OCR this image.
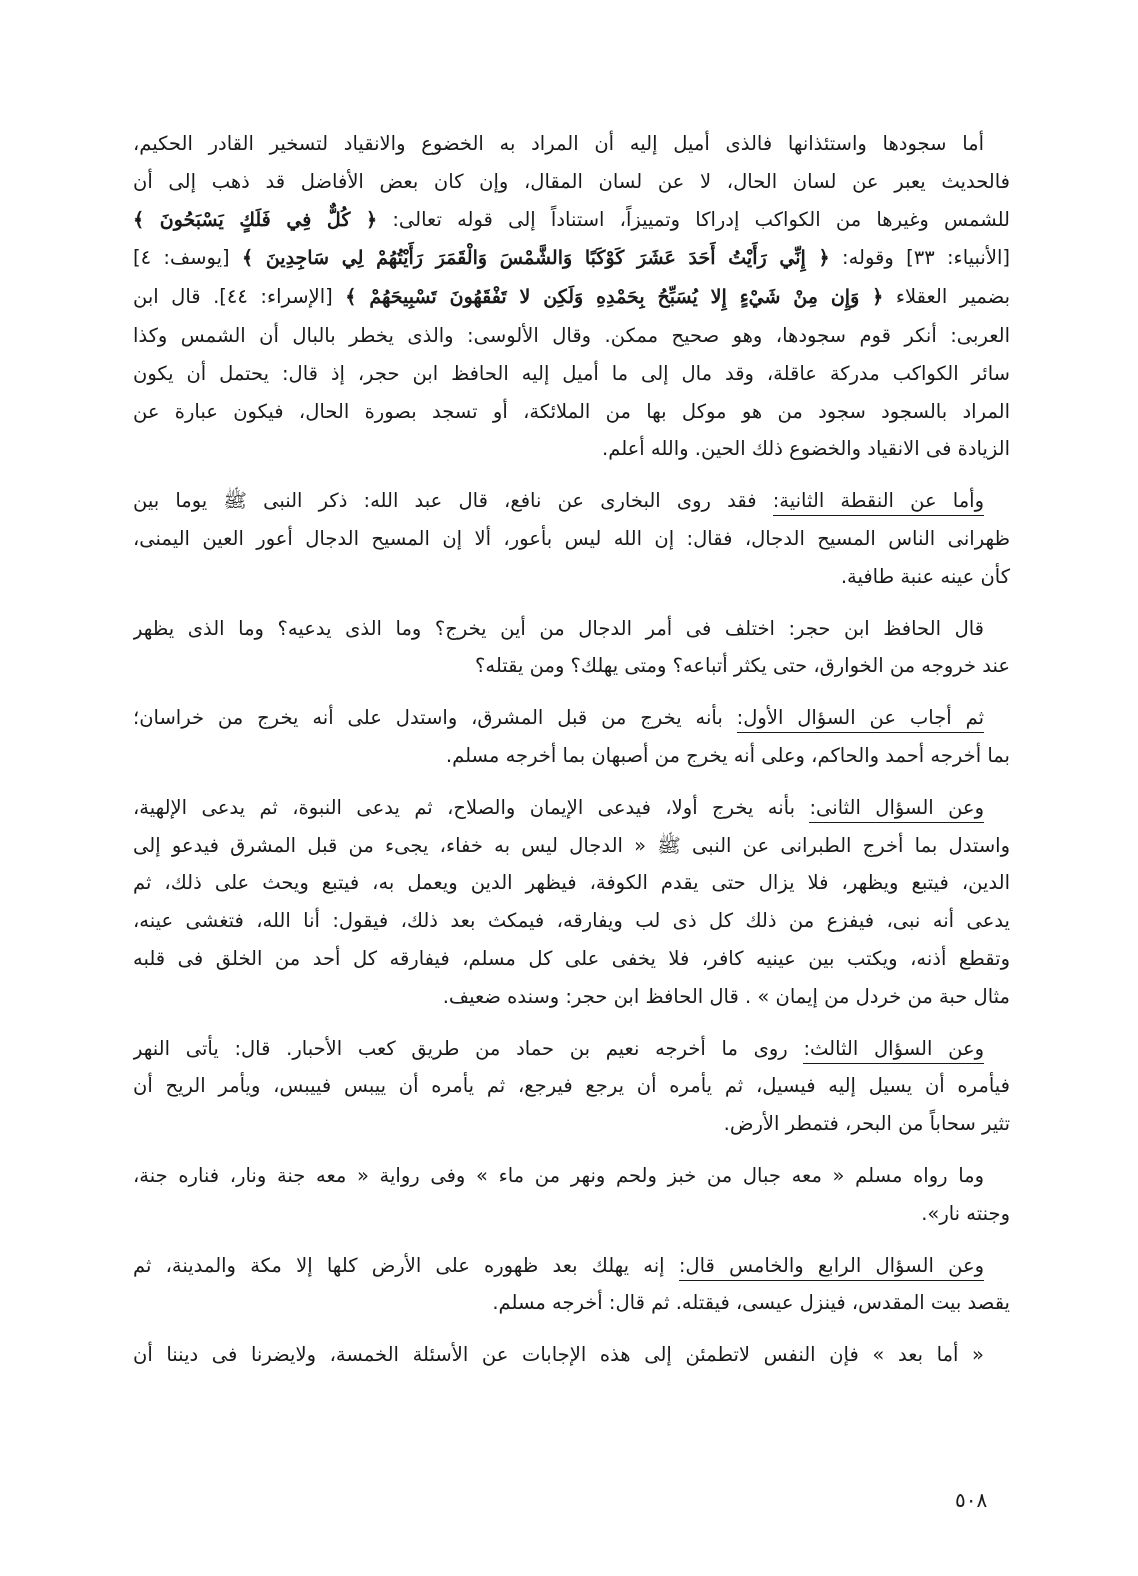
أما سجودها واستئذانها فالذى أميل إليه أن المراد به الخضوع والانقياد لتسخير القادر الحكيم،
فالحديث يعبر عن لسان الحال، لا عن لسان المقال، وإن كان بعض الأفاضل قد ذهب إلى أن
للشمس وغيرها من الكواكب إدراكا وتمييزاً، استناداً إلى قوله تعالى: ﴿ كُلٌّ فِي فَلَكٍ يَسْبَحُونَ ﴾
[الأنبياء: ٣٣] وقوله: ﴿ إِنِّي رَأَيْتُ أَحَدَ عَشَرَ كَوْكَبًا وَالشَّمْسَ وَالْقَمَرَ رَأَيْتُهُمْ لِي سَاجِدِينَ ﴾ [يوسف: ٤]
بضمير العقلاء ﴿ وَإِن مِنْ شَيْءٍ إِلا يُسَبِّحُ بِحَمْدِهِ وَلَكِن لا تَفْقَهُونَ تَسْبِيحَهُمْ ﴾ [الإسراء: ٤٤]. قال ابن
العربى: أنكر قوم سجودها، وهو صحيح ممكن. وقال الألوسى: والذى يخطر بالبال أن الشمس وكذا
سائر الكواكب مدركة عاقلة، وقد مال إلى ما أميل إليه الحافظ ابن حجر، إذ قال: يحتمل أن يكون
المراد بالسجود سجود من هو موكل بها من الملائكة، أو تسجد بصورة الحال، فيكون عبارة عن
الزيادة فى الانقياد والخضوع ذلك الحين. والله أعلم.
وأما عن النقطة الثانية: فقد روى البخارى عن نافع، قال عبد الله: ذكر النبى ﷺ يوما بين
ظهرانى الناس المسيح الدجال، فقال: إن الله ليس بأعور، ألا إن المسيح الدجال أعور العين اليمنى،
كأن عينه عنبة طافية.
قال الحافظ ابن حجر: اختلف فى أمر الدجال من أين يخرج؟ وما الذى يدعيه؟ وما الذى يظهر
عند خروجه من الخوارق، حتى يكثر أتباعه؟ ومتى يهلك؟ ومن يقتله؟
ثم أجاب عن السؤال الأول: بأنه يخرج من قبل المشرق، واستدل على أنه يخرج من خراسان؛
بما أخرجه أحمد والحاكم، وعلى أنه يخرج من أصبهان بما أخرجه مسلم.
وعن السؤال الثانى: بأنه يخرج أولا، فيدعى الإيمان والصلاح، ثم يدعى النبوة، ثم يدعى الإلهية،
واستدل بما أخرج الطبرانى عن النبى ﷺ « الدجال ليس به خفاء، يجىء من قبل المشرق فيدعو إلى
الدين، فيتبع ويظهر، فلا يزال حتى يقدم الكوفة، فيظهر الدين ويعمل به، فيتبع ويحث على ذلك، ثم
يدعى أنه نبى، فيفزع من ذلك كل ذى لب ويفارقه، فيمكث بعد ذلك، فيقول: أنا الله، فتغشى عينه،
وتقطع أذنه، ويكتب بين عينيه كافر، فلا يخفى على كل مسلم، فيفارقه كل أحد من الخلق فى قلبه
مثال حبة من خردل من إيمان » . قال الحافظ ابن حجر: وسنده ضعيف.
وعن السؤال الثالث: روى ما أخرجه نعيم بن حماد من طريق كعب الأحبار. قال: يأتى النهر
فيأمره أن يسيل إليه فيسيل، ثم يأمره أن يرجع فيرجع، ثم يأمره أن ييبس فييبس، ويأمر الريح أن
تثير سحاباً من البحر، فتمطر الأرض.
وما رواه مسلم « معه جبال من خبز ولحم ونهر من ماء » وفى رواية « معه جنة ونار، فناره جنة،
وجنته نار».
وعن السؤال الرابع والخامس قال: إنه يهلك بعد ظهوره على الأرض كلها إلا مكة والمدينة، ثم
يقصد بيت المقدس، فينزل عيسى، فيقتله. ثم قال: أخرجه مسلم.
« أما بعد » فإن النفس لاتطمئن إلى هذه الإجابات عن الأسئلة الخمسة، ولايضرنا فى ديننا أن
٥٠٨
